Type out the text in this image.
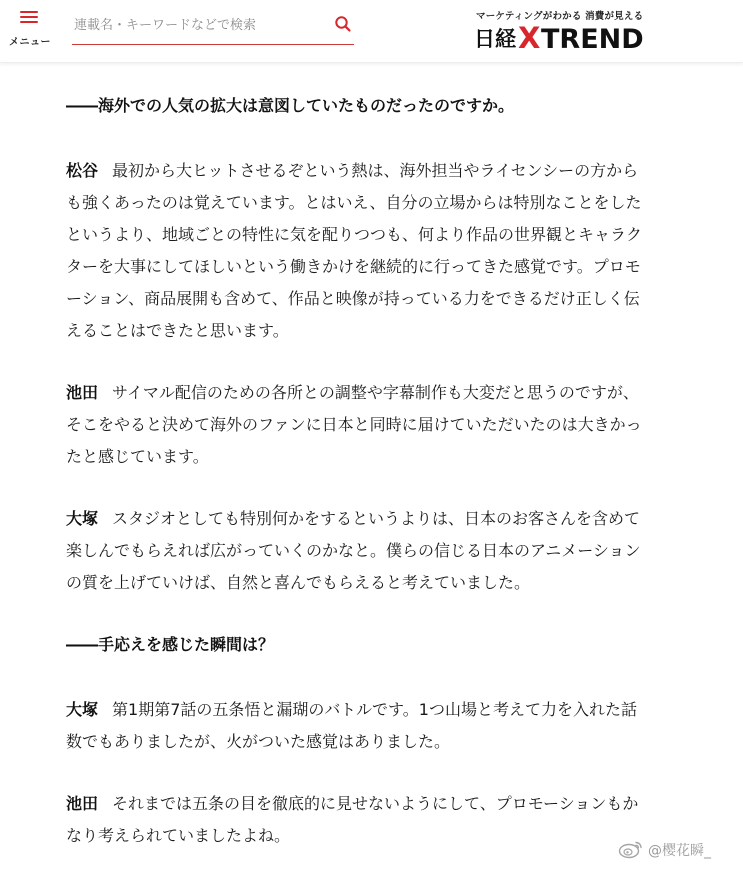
メニュー
連載名・キーワードなどで検索
マーケティングがわかる 消費が見える
日経 X TREND

――海外での人気の拡大は意図していたものだったのですか。

松谷 最初から大ヒットさせるぞという熱は、海外担当やライセンシーの方から
も強くあったのは覚えています。とはいえ、自分の立場からは特別なことをした
というより、地域ごとの特性に気を配りつつも、何より作品の世界観とキャラク
ターを大事にしてほしいという働きかけを継続的に行ってきた感覚です。プロモ
ーション、商品展開も含めて、作品と映像が持っている力をできるだけ正しく伝
えることはできたと思います。
池田 サイマル配信のための各所との調整や字幕制作も大変だと思うのですが、
そこをやると決めて海外のファンに日本と同時に届けていただいたのは大きかっ
たと感じています。
大塚 スタジオとしても特別何かをするというよりは、日本のお客さんを含めて
楽しんでもらえれば広がっていくのかなと。僕らの信じる日本のアニメーション
の質を上げていけば、自然と喜んでもらえると考えていました。

――手応えを感じた瞬間は？

大塚 第1期第7話の五条悟と漏瑚のバトルです。1つ山場と考えて力を入れた話
数でもありましたが、火がついた感覚はありました。
池田 それまでは五条の目を徹底的に見せないようにして、プロモーションもか
なり考えられていましたよね。
@樱花瞬_
